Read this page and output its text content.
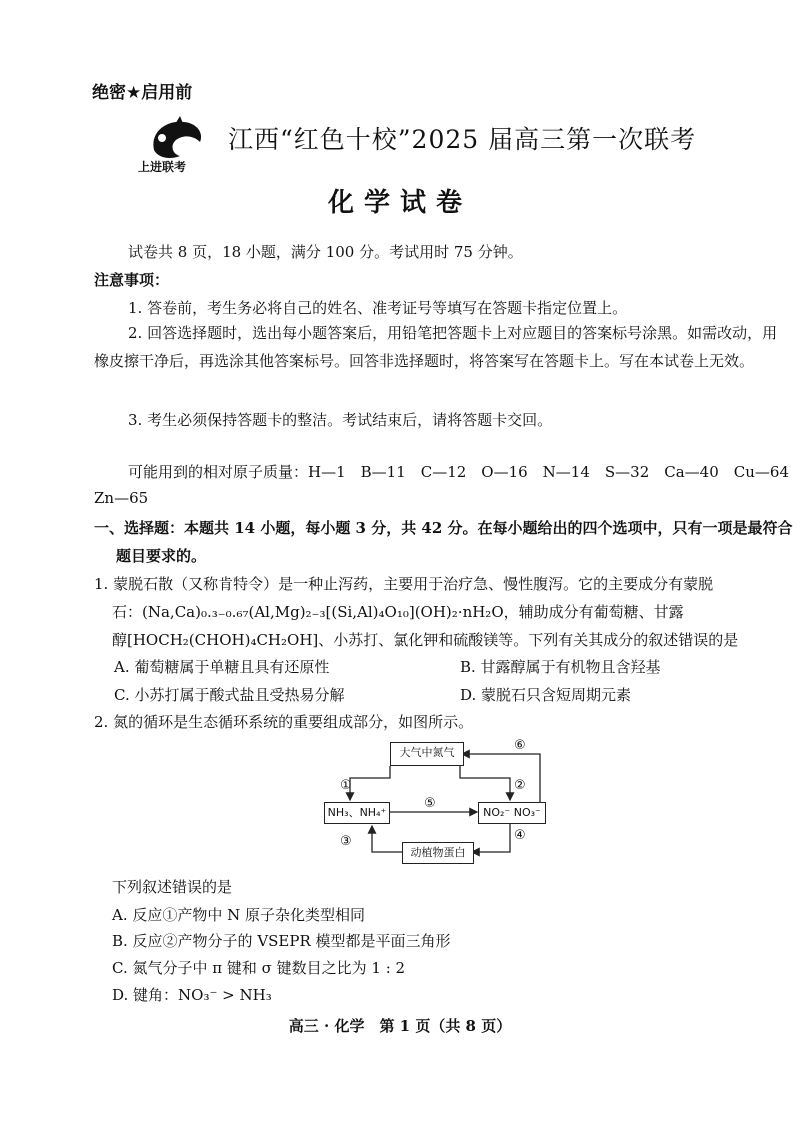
绝密★启用前
上进联考
江西“红色十校”2025 届高三第一次联考
化学试卷
试卷共 8 页，18 小题，满分 100 分。考试用时 75 分钟。
注意事项：
1. 答卷前，考生务必将自己的姓名、准考证号等填写在答题卡指定位置上。
2. 回答选择题时，选出每小题答案后，用铅笔把答题卡上对应题目的答案标号涂黑。如需改动，用橡皮擦干净后，再选涂其他答案标号。回答非选择题时，将答案写在答题卡上。写在本试卷上无效。
3. 考生必须保持答题卡的整洁。考试结束后，请将答题卡交回。
可能用到的相对原子质量：H—1　B—11　C—12　O—16　N—14　S—32　Ca—40　Cu—64
Zn—65
一、选择题：本题共 14 小题，每小题 3 分，共 42 分。在每小题给出的四个选项中，只有一项是最符合
题目要求的。
1. 蒙脱石散（又称肯特令）是一种止泻药，主要用于治疗急、慢性腹泻。它的主要成分有蒙脱
石：(Na,Ca)₀.₃₋₀.₆₇(Al,Mg)₂₋₃[(Si,Al)₄O₁₀](OH)₂·nH₂O，辅助成分有葡萄糖、甘露
醇[HOCH₂(CHOH)₄CH₂OH]、小苏打、氯化钾和硫酸镁等。下列有关其成分的叙述错误的是
A. 葡萄糖属于单糖且具有还原性	B. 甘露醇属于有机物且含羟基
C. 小苏打属于酸式盐且受热易分解	D. 蒙脱石只含短周期元素
2. 氮的循环是生态循环系统的重要组成部分，如图所示。
大气中氮气
NH₃、NH₄⁺	NO₂⁻ NO₃⁻
动植物蛋白
①	②
③	④
⑤
⑥
下列叙述错误的是
A. 反应①产物中 N 原子杂化类型相同
B. 反应②产物分子的 VSEPR 模型都是平面三角形
C. 氮气分子中 π 键和 σ 键数目之比为 1 : 2
D. 键角：NO₃⁻ > NH₃
高三 · 化学　第 1 页（共 8 页）
